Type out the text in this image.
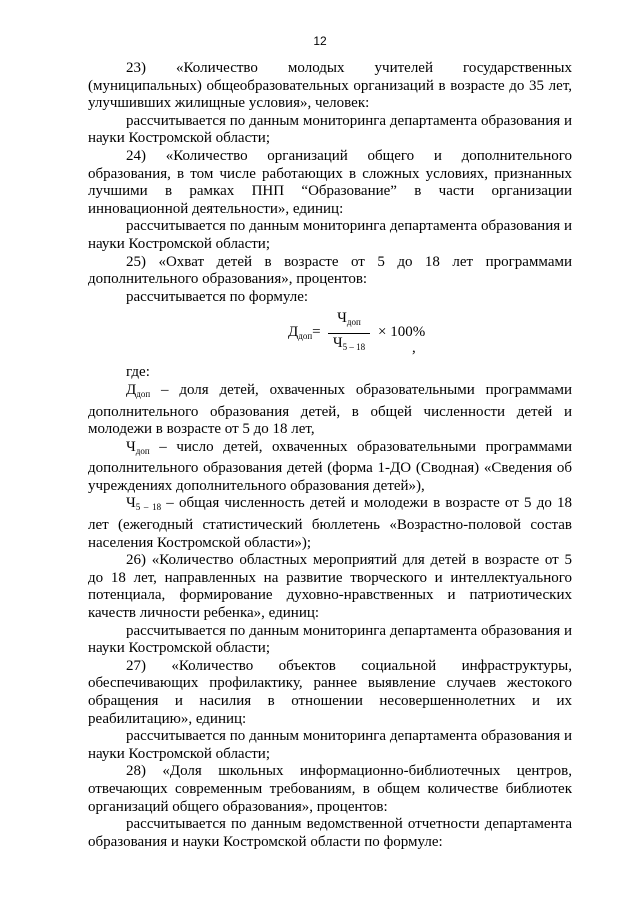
12

23) «Количество молодых учителей государственных (муниципальных) общеобразовательных организаций в возрасте до 35 лет, улучшивших жилищные условия», человек:

рассчитывается по данным мониторинга департамента образования и науки Костромской области;

24) «Количество организаций общего и дополнительного образования, в том числе работающих в сложных условиях, признанных лучшими в рамках ПНП “Образование” в части организации инновационной деятельности», единиц:

рассчитывается по данным мониторинга департамента образования и науки Костромской области;

25) «Охват детей в возрасте от 5 до 18 лет программами дополнительного образования», процентов:

рассчитывается по формуле:

$Д_{доп}=$
$Ч_{доп}$
$Ч_{5 - 18}$
× 100%
,

где:

$Д_{доп}$ – доля детей, охваченных образовательными программами дополнительного образования детей, в общей численности детей и молодежи в возрасте от 5 до 18 лет,

$Ч_{доп}$ – число детей, охваченных образовательными программами дополнительного образования детей (форма 1-ДО (Сводная) «Сведения об учреждениях дополнительного образования детей»),

$Ч_{5 - 18}$ – общая численность детей и молодежи в возрасте от 5 до 18 лет (ежегодный статистический бюллетень «Возрастно-половой состав населения Костромской области»);

26) «Количество областных мероприятий для детей в возрасте от 5 до 18 лет, направленных на развитие творческого и интеллектуального потенциала, формирование духовно-нравственных и патриотических качеств личности ребенка», единиц:

рассчитывается по данным мониторинга департамента образования и науки Костромской области;

27) «Количество объектов социальной инфраструктуры, обеспечивающих профилактику, раннее выявление случаев жестокого обращения и насилия в отношении несовершеннолетних и их реабилитацию», единиц:

рассчитывается по данным мониторинга департамента образования и науки Костромской области;

28) «Доля школьных информационно-библиотечных центров, отвечающих современным требованиям, в общем количестве библиотек организаций общего образования», процентов:

рассчитывается по данным ведомственной отчетности департамента образования и науки Костромской области по формуле:
